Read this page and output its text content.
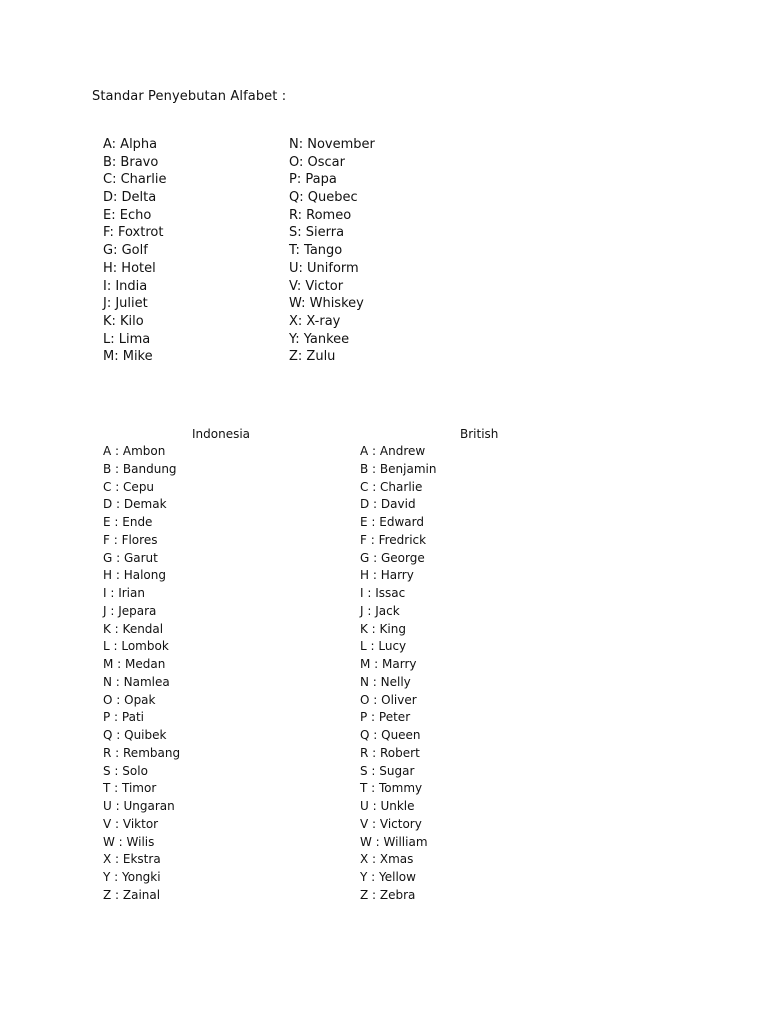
Standar Penyebutan Alfabet :
A: Alpha
B: Bravo
C: Charlie
D: Delta
E: Echo
F: Foxtrot
G: Golf
H: Hotel
I: India
J: Juliet
K: Kilo
L: Lima
M: Mike
N: November
O: Oscar
P: Papa
Q: Quebec
R: Romeo
S: Sierra
T: Tango
U: Uniform
V: Victor
W: Whiskey
X: X-ray
Y: Yankee
Z: Zulu
Indonesia	British
A : Ambon
B : Bandung
C : Cepu
D : Demak
E : Ende
F : Flores
G : Garut
H : Halong
I : Irian
J : Jepara
K : Kendal
L : Lombok
M : Medan
N : Namlea
O : Opak
P : Pati
Q : Quibek
R : Rembang
S : Solo
T : Timor
U : Ungaran
V : Viktor
W : Wilis
X : Ekstra
Y : Yongki
Z : Zainal
A : Andrew
B : Benjamin
C : Charlie
D : David
E : Edward
F : Fredrick
G : George
H : Harry
I : Issac
J : Jack
K : King
L : Lucy
M : Marry
N : Nelly
O : Oliver
P : Peter
Q : Queen
R : Robert
S : Sugar
T : Tommy
U : Unkle
V : Victory
W : William
X : Xmas
Y : Yellow
Z : Zebra
